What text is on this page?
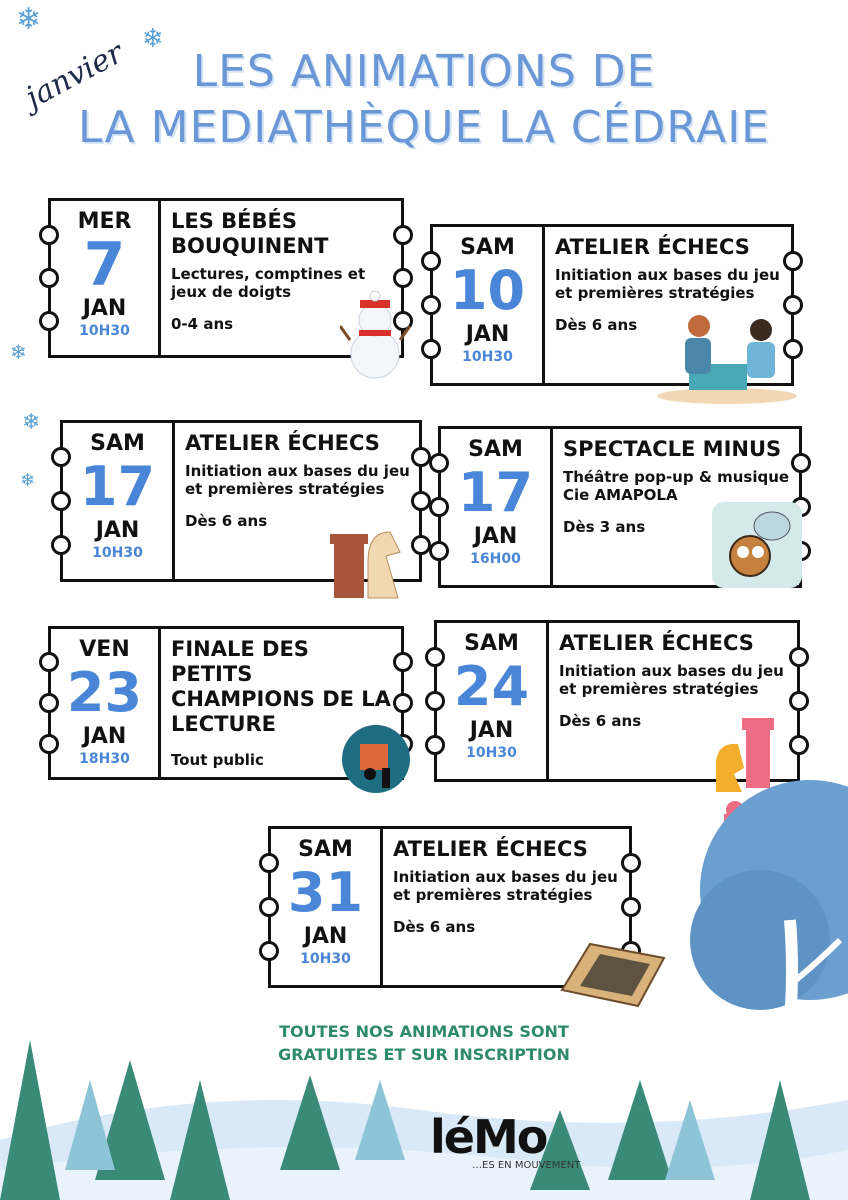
❄
❄
❄
❄
❄
janvier	LES ANIMATIONS DE
LA MEDIATHÈQUE LA CÉDRAIE
MER
7
JAN
10H30
LES BÉBÉS BOUQUINENT
Lectures, comptines et jeux de doigts
0-4 ans
SAM
10
JAN
10H30
ATELIER ÉCHECS
Initiation aux bases du jeu et premières stratégies
Dès 6 ans
SAM
17
JAN
10H30
ATELIER ÉCHECS
Initiation aux bases du jeu et premières stratégies
Dès 6 ans
SAM
17
JAN
16H00
SPECTACLE MINUS
Théâtre pop-up & musique Cie AMAPOLA
Dès 3 ans
VEN
23
JAN
18H30
FINALE DES PETITS CHAMPIONS DE LA LECTURE
Tout public
SAM
24
JAN
10H30
ATELIER ÉCHECS
Initiation aux bases du jeu et premières stratégies
Dès 6 ans
SAM
31
JAN
10H30
ATELIER ÉCHECS
Initiation aux bases du jeu et premières stratégies
Dès 6 ans
TOUTES NOS ANIMATIONS SONT
GRATUITES ET SUR INSCRIPTION
léMo
…ES EN MOUVEMENT
